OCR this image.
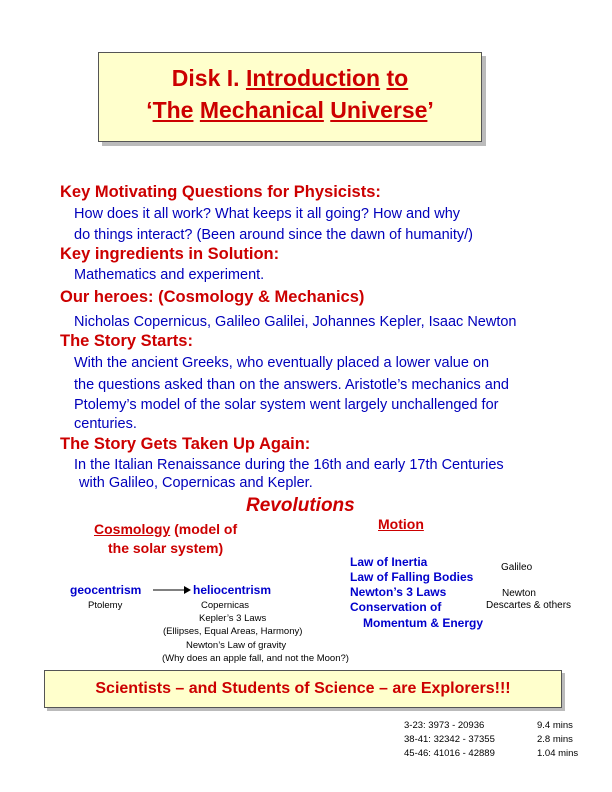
Disk I. Introduction to
‘The Mechanical Universe’
Key Motivating Questions for Physicists:
How does it all work? What keeps it all going? How and why
do things interact? (Been around since the dawn of humanity/)
Key ingredients in Solution:
Mathematics and experiment.
Our heroes: (Cosmology & Mechanics)
Nicholas Copernicus, Galileo Galilei, Johannes Kepler, Isaac Newton
The Story Starts:
With the ancient Greeks, who eventually placed a lower value on
the questions asked than on the answers. Aristotle’s mechanics and
Ptolemy’s model of the solar system went largely unchallenged for
centuries.
The Story Gets Taken Up Again:
In the Italian Renaissance during the 16th and early 17th Centuries
with Galileo, Copernicas and Kepler.
Revolutions
Cosmology (model of
the solar system)
Motion
geocentrism	heliocentrism
Ptolemy	Copernicas
Kepler’s 3 Laws
(Ellipses, Equal Areas, Harmony)
Newton’s Law of gravity
(Why does an apple fall, and not the Moon?)
Law of Inertia
Law of Falling Bodies
Newton’s 3 Laws
Conservation of
Momentum & Energy
Galileo
Newton
Descartes & others
Scientists – and Students of Science – are Explorers!!!
3-23: 3973 - 20936	9.4 mins
38-41: 32342 - 37355	2.8 mins
45-46: 41016 - 42889	1.04 mins
